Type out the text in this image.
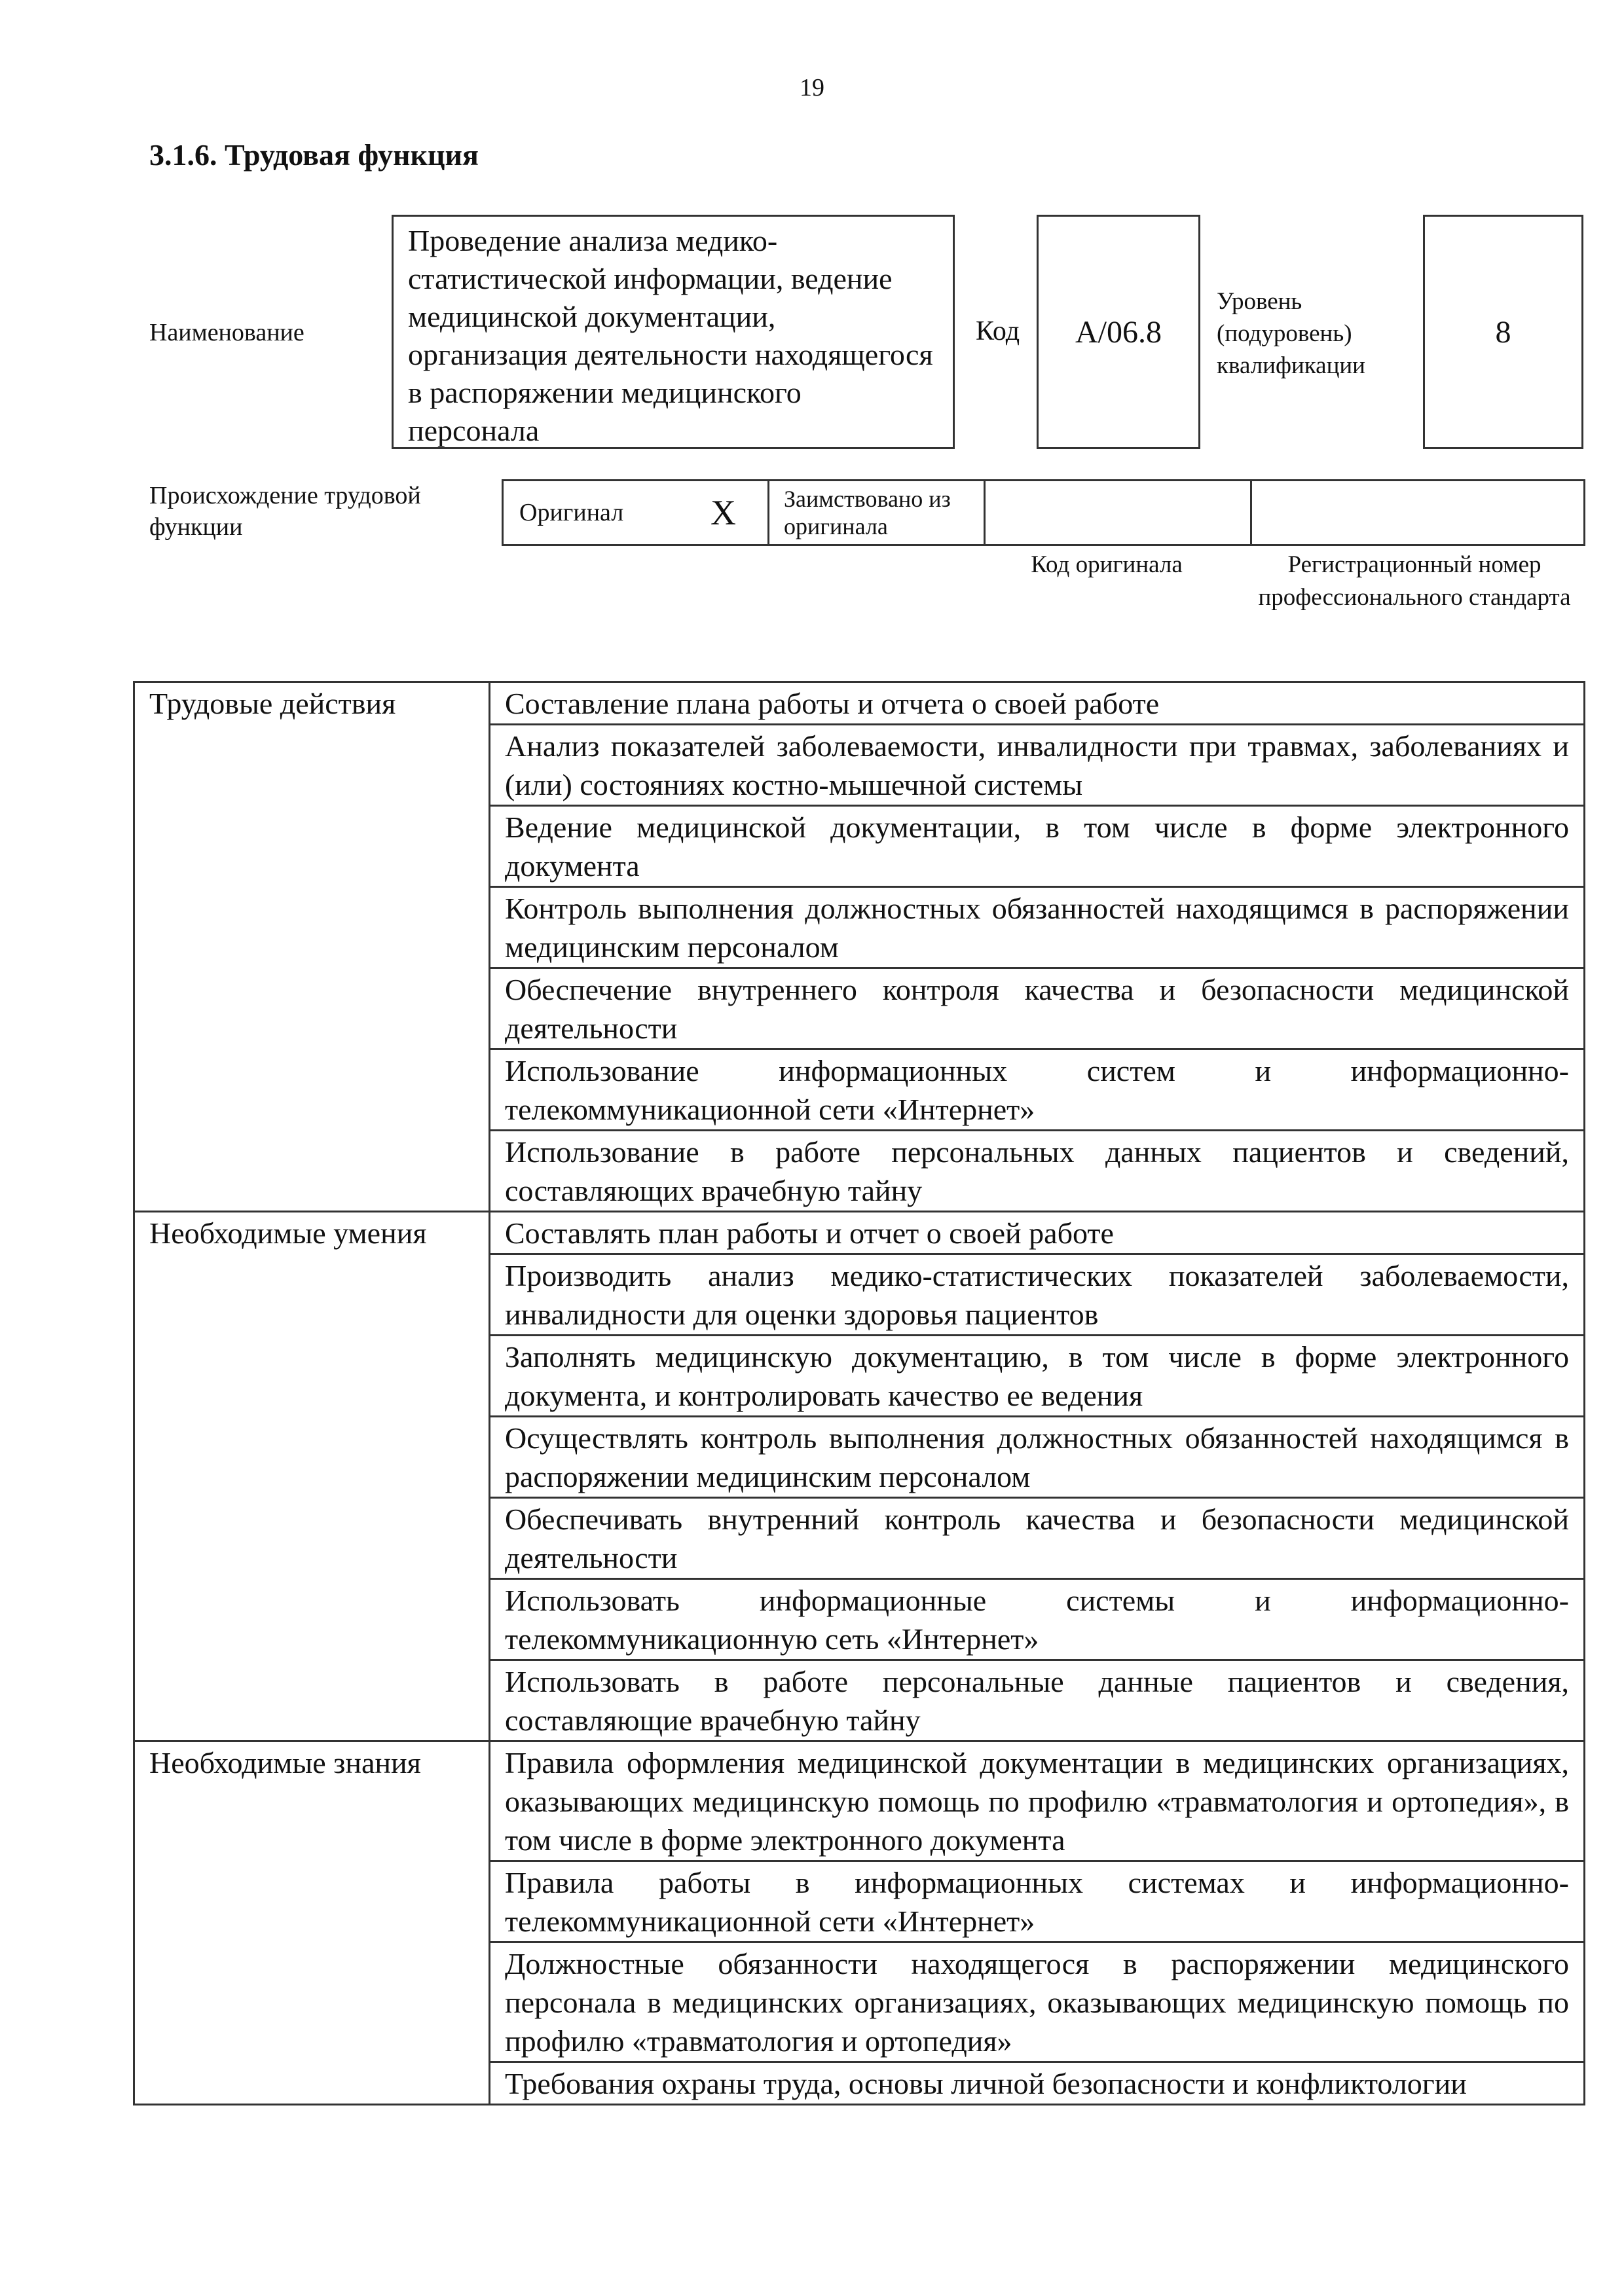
19
3.1.6. Трудовая функция
Наименование
Проведение анализа медико-статистической информации, ведение медицинской документации, организация деятельности находящегося в распоряжении медицинского персонала
Код	А/06.8
Уровень (подуровень) квалификации
8
Происхождение трудовой функции
Оригинал X	Заимствовано из оригинала		
Код оригинала	Регистрационный номер профессионального стандарта
Трудовые действия	Составление плана работы и отчета о своей работе
	Анализ показателей заболеваемости, инвалидности при травмах, заболеваниях и (или) состояниях костно-мышечной системы
	Ведение медицинской документации, в том числе в форме электронного документа
	Контроль выполнения должностных обязанностей находящимся в распоряжении медицинским персоналом
	Обеспечение внутреннего контроля качества и безопасности медицинской деятельности
	Использование информационных систем и информационно-телекоммуникационной сети «Интернет»
	Использование в работе персональных данных пациентов и сведений, составляющих врачебную тайну
Необходимые умения	Составлять план работы и отчет о своей работе
	Производить анализ медико-статистических показателей заболеваемости, инвалидности для оценки здоровья пациентов
	Заполнять медицинскую документацию, в том числе в форме электронного документа, и контролировать качество ее ведения
	Осуществлять контроль выполнения должностных обязанностей находящимся в распоряжении медицинским персоналом
	Обеспечивать внутренний контроль качества и безопасности медицинской деятельности
	Использовать информационные системы и информационно-телекоммуникационную сеть «Интернет»
	Использовать в работе персональные данные пациентов и сведения, составляющие врачебную тайну
Необходимые знания	Правила оформления медицинской документации в медицинских организациях, оказывающих медицинскую помощь по профилю «травматология и ортопедия», в том числе в форме электронного документа
	Правила работы в информационных системах и информационно-телекоммуникационной сети «Интернет»
	Должностные обязанности находящегося в распоряжении медицинского персонала в медицинских организациях, оказывающих медицинскую помощь по профилю «травматология и ортопедия»
	Требования охраны труда, основы личной безопасности и конфликтологии
